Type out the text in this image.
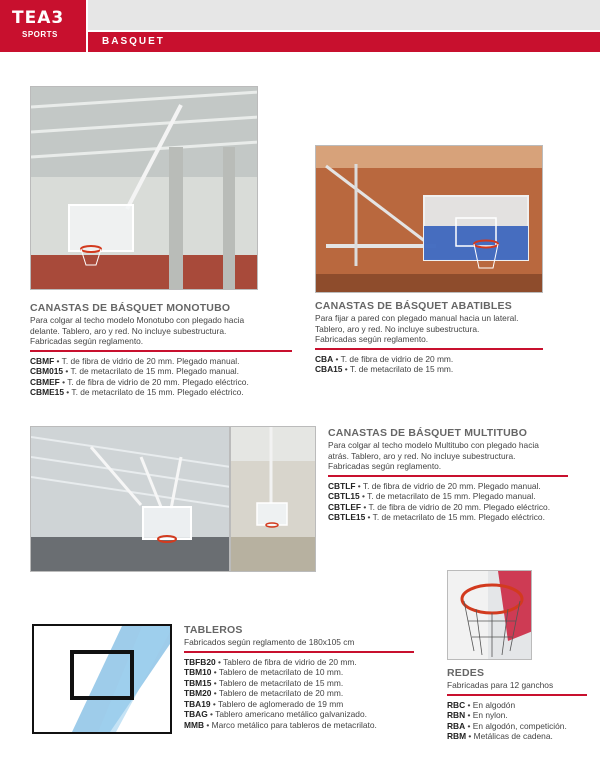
TEA3
SPORTS
BASQUET
CANASTAS DE BÁSQUET MONOTUBO
Para colgar al techo modelo Monotubo con plegado hacia
delante. Tablero, aro y red. No incluye subestructura.
Fabricadas según reglamento.
CBMF • T. de fibra de vidrio de 20 mm. Plegado manual.
CBM015 • T. de metacrilato de 15 mm. Plegado manual.
CBMEF • T. de fibra de vidrio de 20 mm. Plegado eléctrico.
CBME15 • T. de metacrilato de 15 mm. Plegado eléctrico.
CANASTAS DE BÁSQUET ABATIBLES
Para fijar a pared con plegado manual hacia un lateral.
Tablero, aro y red. No incluye subestructura.
Fabricadas según reglamento.
CBA • T. de fibra de vidrio de 20 mm.
CBA15 • T. de metacrilato de 15 mm.
CANASTAS DE BÁSQUET MULTITUBO
Para colgar al techo modelo Multitubo con plegado hacia
atrás. Tablero, aro y red. No incluye subestructura.
Fabricadas según reglamento.
CBTLF • T. de fibra de vidrio de 20 mm. Plegado manual.
CBTL15 • T. de metacrilato de 15 mm. Plegado manual.
CBTLEF • T. de fibra de vidrio de 20 mm. Plegado eléctrico.
CBTLE15 • T. de metacrilato de 15 mm. Plegado eléctrico.
TABLEROS
Fabricados según reglamento de 180x105 cm
TBFB20 • Tablero de fibra de vidrio de 20 mm.
TBM10 • Tablero de metacrilato de 10 mm.
TBM15 • Tablero de metacrilato de 15 mm.
TBM20 • Tablero de metacrilato de 20 mm.
TBA19 • Tablero de aglomerado de 19 mm
TBAG • Tablero americano metálico galvanizado.
MMB • Marco metálico para tableros de metacrilato.
REDES
Fabricadas para 12 ganchos
RBC • En algodón
RBN • En nylon.
RBA • En algodón, competición.
RBM • Metálicas de cadena.
